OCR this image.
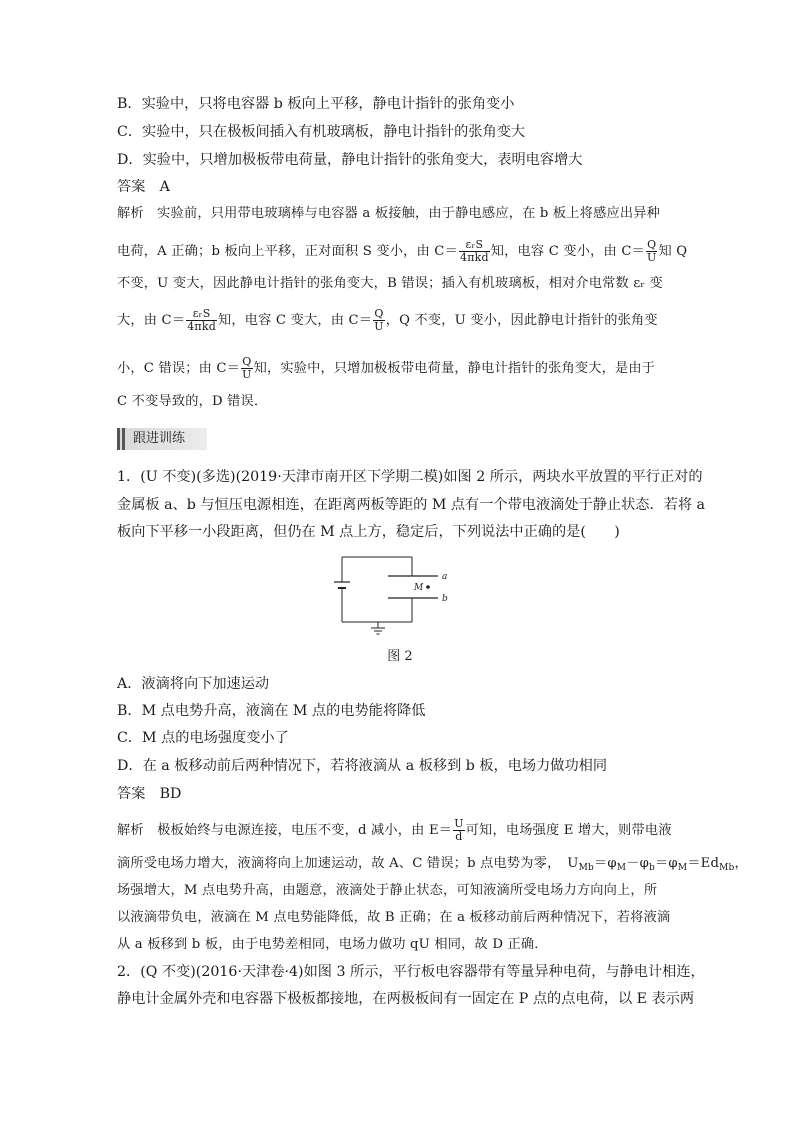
B．实验中，只将电容器 b 板向上平移，静电计指针的张角变小
C．实验中，只在极板间插入有机玻璃板，静电计指针的张角变大
D．实验中，只增加极板带电荷量，静电计指针的张角变大，表明电容增大
答案　A
解析　 实验前，只用带电玻璃棒与电容器 a 板接触，由于静电感应，在 b 板上将感应出异种
电荷，A 正确；b 板向上平移，正对面积 S 变小，由 $C= \frac{\text{εᵣS}}{\text{4πkd}}$ 知，电容 C 变小，由 $C= \frac{Q}{U}$ 知 Q
不变，U 变大，因此静电计指针的张角变大，B 错误；插入有机玻璃板，相对介电常数 εᵣ 变
大，由 $C= \frac{\text{εᵣS}}{\text{4πkd}}$ 知，电容 C 变大，由 $C= \frac{Q}{U}$ ，Q 不变，U 变小，因此静电计指针的张角变
小，C 错误；由 $C= \frac{Q}{U}$ 知，实验中，只增加极板带电荷量，静电计指针的张角变大，是由于
C 不变导致的，D 错误．
跟进训练
1．(U 不变)(多选)(2019·天津市南开区下学期二模)如图 2 所示，两块水平放置的平行正对的
金属板 a、b 与恒压电源相连，在距离两板等距的 M 点有一个带电液滴处于静止状态．若将 a
板向下平移一小段距离，但仍在 M 点上方，稳定后，下列说法中正确的是(　　)
a
b
M
图 2
A．液滴将向下加速运动
B．M 点电势升高，液滴在 M 点的电势能将降低
C．M 点的电场强度变小了
D．在 a 板移动前后两种情况下，若将液滴从 a 板移到 b 板，电场力做功相同
答案　BD
解析　 极板始终与电源连接，电压不变，d 减小，由 $E= \frac{U}{d}$ 可知，电场强度 E 增大，则带电液
滴所受电场力增大，液滴将向上加速运动，故 A、C 错误；b 点电势为零，　$U_{Mb}=\varphi_M-\varphi_b=\varphi_M=Ed_{Mb}$，
场强增大，M 点电势升高，由题意，液滴处于静止状态，可知液滴所受电场力方向向上，所
以液滴带负电，液滴在 M 点电势能降低，故 B 正确；在 a 板移动前后两种情况下，若将液滴
从 a 板移到 b 板，由于电势差相同，电场力做功 qU 相同，故 D 正确．
2．(Q 不变)(2016·天津卷·4)如图 3 所示，平行板电容器带有等量异种电荷，与静电计相连，
静电计金属外壳和电容器下极板都接地，在两极板间有一固定在 P 点的点电荷，以 E 表示两
